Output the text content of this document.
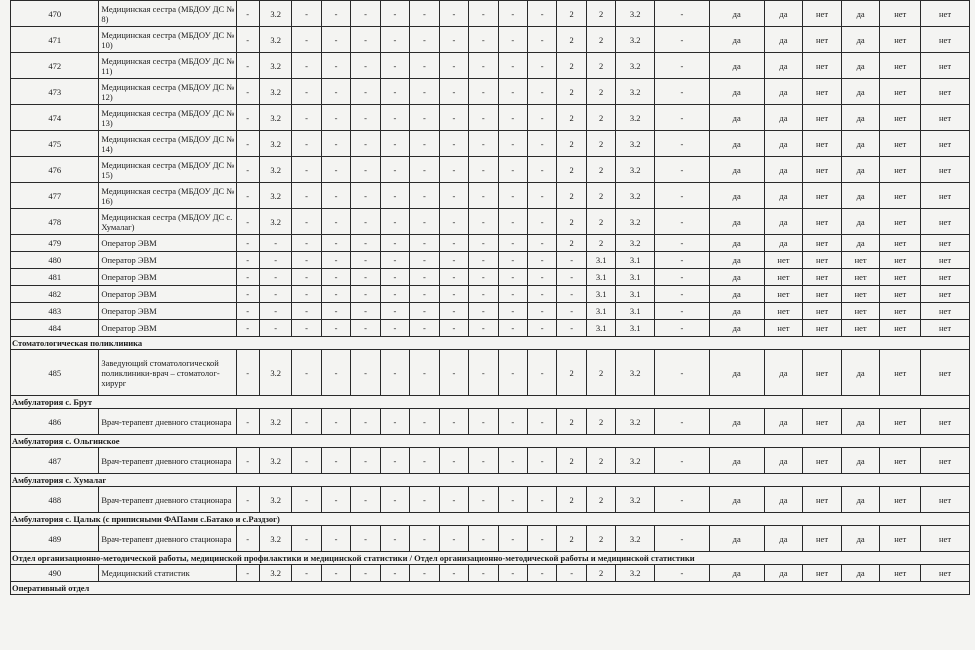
470	Медицинская сестра (МБДОУ ДС № 8)	-	3.2	-	-	-	-	-	-	-	-	-	2	2	3.2	-	да	да	нет	да	нет	нет
471	Медицинская сестра (МБДОУ ДС № 10)	-	3.2	-	-	-	-	-	-	-	-	-	2	2	3.2	-	да	да	нет	да	нет	нет
472	Медицинская сестра (МБДОУ ДС № 11)	-	3.2	-	-	-	-	-	-	-	-	-	2	2	3.2	-	да	да	нет	да	нет	нет
473	Медицинская сестра (МБДОУ ДС № 12)	-	3.2	-	-	-	-	-	-	-	-	-	2	2	3.2	-	да	да	нет	да	нет	нет
474	Медицинская сестра (МБДОУ ДС № 13)	-	3.2	-	-	-	-	-	-	-	-	-	2	2	3.2	-	да	да	нет	да	нет	нет
475	Медицинская сестра (МБДОУ ДС № 14)	-	3.2	-	-	-	-	-	-	-	-	-	2	2	3.2	-	да	да	нет	да	нет	нет
476	Медицинская сестра (МБДОУ ДС № 15)	-	3.2	-	-	-	-	-	-	-	-	-	2	2	3.2	-	да	да	нет	да	нет	нет
477	Медицинская сестра (МБДОУ ДС № 16)	-	3.2	-	-	-	-	-	-	-	-	-	2	2	3.2	-	да	да	нет	да	нет	нет
478	Медицинская сестра (МБДОУ ДС с. Хумалаг)	-	3.2	-	-	-	-	-	-	-	-	-	2	2	3.2	-	да	да	нет	да	нет	нет
479	Оператор ЭВМ	-	-	-	-	-	-	-	-	-	-	-	2	2	3.2	-	да	да	нет	да	нет	нет
480	Оператор ЭВМ	-	-	-	-	-	-	-	-	-	-	-	-	3.1	3.1	-	да	нет	нет	нет	нет	нет
481	Оператор ЭВМ	-	-	-	-	-	-	-	-	-	-	-	-	3.1	3.1	-	да	нет	нет	нет	нет	нет
482	Оператор ЭВМ	-	-	-	-	-	-	-	-	-	-	-	-	3.1	3.1	-	да	нет	нет	нет	нет	нет
483	Оператор ЭВМ	-	-	-	-	-	-	-	-	-	-	-	-	3.1	3.1	-	да	нет	нет	нет	нет	нет
484	Оператор ЭВМ	-	-	-	-	-	-	-	-	-	-	-	-	3.1	3.1	-	да	нет	нет	нет	нет	нет
Стоматологическая поликлиника																						
485	Заведующий стоматологической поликлиники-врач – стоматолог-хирург	-	3.2	-	-	-	-	-	-	-	-	-	2	2	3.2	-	да	да	нет	да	нет	нет
Амбулатория с. Брут																						
486	Врач-терапевт дневного стационара	-	3.2	-	-	-	-	-	-	-	-	-	2	2	3.2	-	да	да	нет	да	нет	нет
Амбулатория с. Ольгинское																						
487	Врач-терапевт дневного стационара	-	3.2	-	-	-	-	-	-	-	-	-	2	2	3.2	-	да	да	нет	да	нет	нет
Амбулатория с. Хумалаг																						
488	Врач-терапевт дневного стационара	-	3.2	-	-	-	-	-	-	-	-	-	2	2	3.2	-	да	да	нет	да	нет	нет
Амбулатория с. Цалык (с приписными ФАПами с.Батако и с.Раздзог)																						
489	Врач-терапевт дневного стационара	-	3.2	-	-	-	-	-	-	-	-	-	2	2	3.2	-	да	да	нет	да	нет	нет
Отдел организационно-методической работы, медицинской профилактики и медицинской статистики / Отдел организационно-методической работы и медицинской статистики																						
490	Медицинский статистик	-	3.2	-	-	-	-	-	-	-	-	-	-	2	3.2	-	да	да	нет	да	нет	нет
Оперативный отдел																						
